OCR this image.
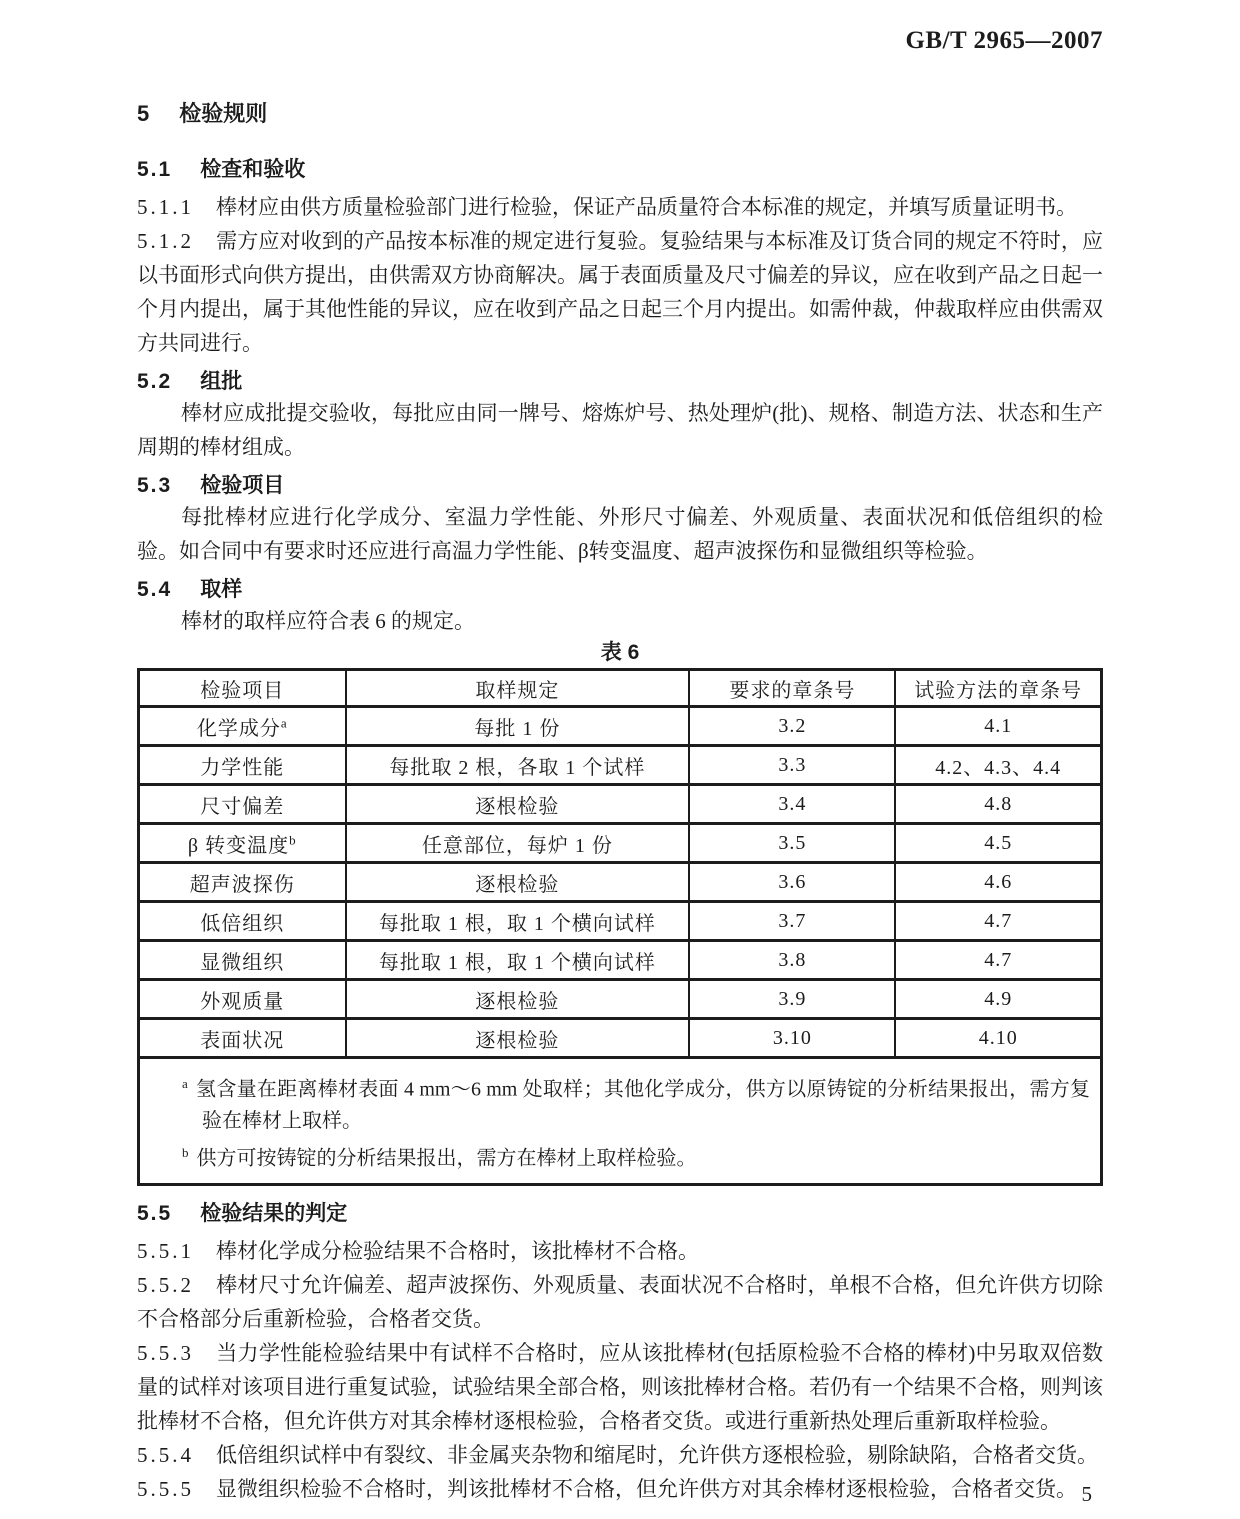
GB/T 2965—2007
5 检验规则
5.1 检查和验收

5.1.1 棒材应由供方质量检验部门进行检验，保证产品质量符合本标准的规定，并填写质量证明书。

5.1.2 需方应对收到的产品按本标准的规定进行复验。复验结果与本标准及订货合同的规定不符时，应以书面形式向供方提出，由供需双方协商解决。属于表面质量及尺寸偏差的异议，应在收到产品之日起一个月内提出，属于其他性能的异议，应在收到产品之日起三个月内提出。如需仲裁，仲裁取样应由供需双方共同进行。

5.2 组批

棒材应成批提交验收，每批应由同一牌号、熔炼炉号、热处理炉(批)、规格、制造方法、状态和生产周期的棒材组成。

5.3 检验项目

每批棒材应进行化学成分、室温力学性能、外形尺寸偏差、外观质量、表面状况和低倍组织的检验。如合同中有要求时还应进行高温力学性能、β转变温度、超声波探伤和显微组织等检验。

5.4 取样

棒材的取样应符合表 6 的规定。

表 6
检验项目	取样规定	要求的章条号	试验方法的章条号
化学成分$^a$	每批 1 份	3.2	4.1
力学性能	每批取 2 根，各取 1 个试样	3.3	4.2、4.3、4.4
尺寸偏差	逐根检验	3.4	4.8
β 转变温度$^b$	任意部位，每炉 1 份	3.5	4.5
超声波探伤	逐根检验	3.6	4.6
低倍组织	每批取 1 根，取 1 个横向试样	3.7	4.7
显微组织	每批取 1 根，取 1 个横向试样	3.8	4.7
外观质量	逐根检验	3.9	4.9
表面状况	逐根检验	3.10	4.10
$^a$ 氢含量在距离棒材表面 4 mm～6 mm 处取样；其他化学成分，供方以原铸锭的分析结果报出，需方复验在棒材上取样。
$^b$ 供方可按铸锭的分析结果报出，需方在棒材上取样检验。
5.5 检验结果的判定

5.5.1 棒材化学成分检验结果不合格时，该批棒材不合格。

5.5.2 棒材尺寸允许偏差、超声波探伤、外观质量、表面状况不合格时，单根不合格，但允许供方切除不合格部分后重新检验，合格者交货。

5.5.3 当力学性能检验结果中有试样不合格时，应从该批棒材(包括原检验不合格的棒材)中另取双倍数量的试样对该项目进行重复试验，试验结果全部合格，则该批棒材合格。若仍有一个结果不合格，则判该批棒材不合格，但允许供方对其余棒材逐根检验，合格者交货。或进行重新热处理后重新取样检验。

5.5.4 低倍组织试样中有裂纹、非金属夹杂物和缩尾时，允许供方逐根检验，剔除缺陷，合格者交货。

5.5.5 显微组织检验不合格时，判该批棒材不合格，但允许供方对其余棒材逐根检验，合格者交货。 5
